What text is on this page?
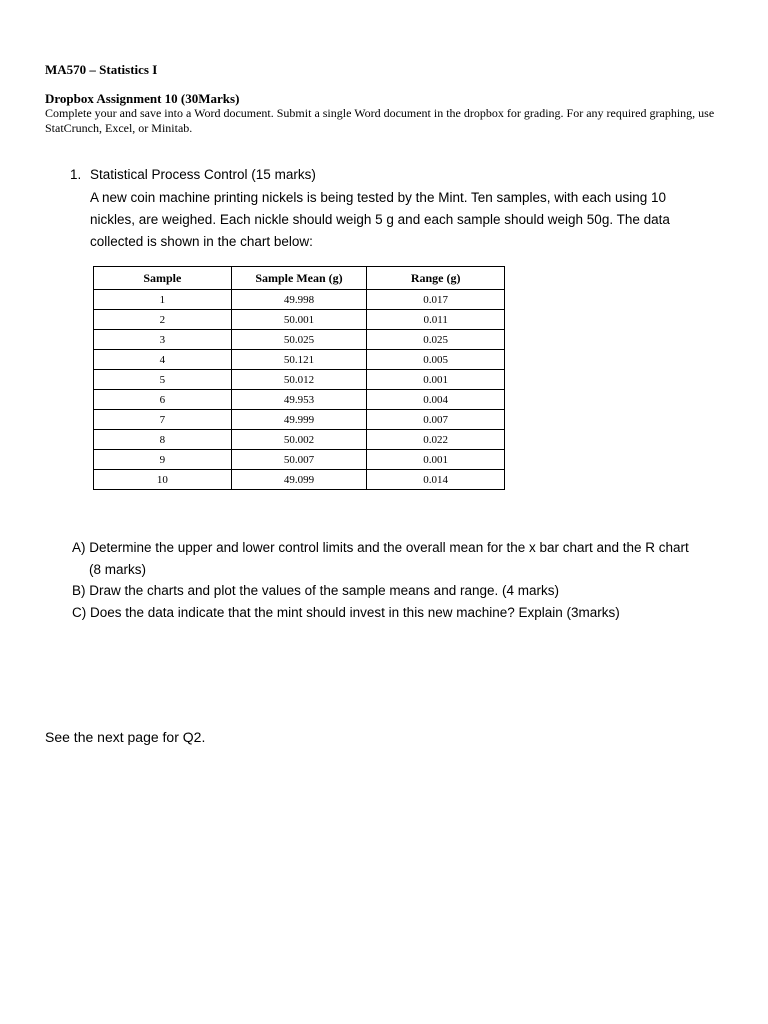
MA570 – Statistics I
Dropbox Assignment 10 (30Marks)

Complete your and save into a Word document. Submit a single Word document in the dropbox for grading. For any required graphing, use StatCrunch, Excel, or Minitab.

1. Statistical Process Control (15 marks)

A new coin machine printing nickels is being tested by the Mint. Ten samples, with each using 10 nickles, are weighed. Each nickle should weigh 5 g and each sample should weigh 50g. The data collected is shown in the chart below:

Sample	Sample Mean (g)	Range (g)
1	49.998	0.017
2	50.001	0.011
3	50.025	0.025
4	50.121	0.005
5	50.012	0.001
6	49.953	0.004
7	49.999	0.007
8	50.002	0.022
9	50.007	0.001
10	49.099	0.014
A) Determine the upper and lower control limits and the overall mean for the x bar chart and the R chart
(8 marks)
B) Draw the charts and plot the values of the sample means and range. (4 marks)
C) Does the data indicate that the mint should invest in this new machine? Explain (3marks)

See the next page for Q2.
